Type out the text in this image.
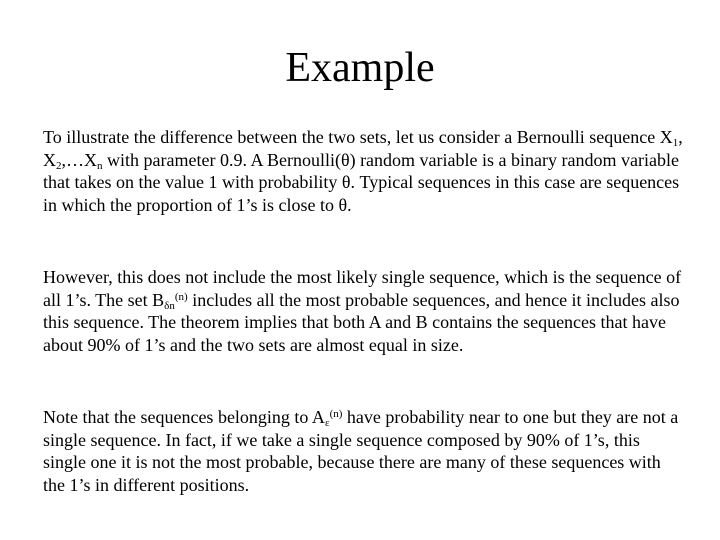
Example

To illustrate the difference between the two sets, let us consider a Bernoulli sequence $X_1$, $X_2,\dots X_n$ with parameter 0.9. A Bernoulli(θ) random variable is a binary random variable that takes on the value 1 with probability θ. Typical sequences in this case are sequences in which the proportion of 1’s is close to θ.

However, this does not include the most likely single sequence, which is the sequence of all 1’s. The set $B_{\delta n}^{(n)}$ includes all the most probable sequences, and hence it includes also this sequence. The theorem implies that both A and B contains the sequences that have about 90% of 1’s and the two sets are almost equal in size.

Note that the sequences belonging to $A_\varepsilon^{(n)}$ have probability near to one but they are not a single sequence. In fact, if we take a single sequence composed by 90% of 1’s, this single one it is not the most probable, because there are many of these sequences with the 1’s in different positions.
